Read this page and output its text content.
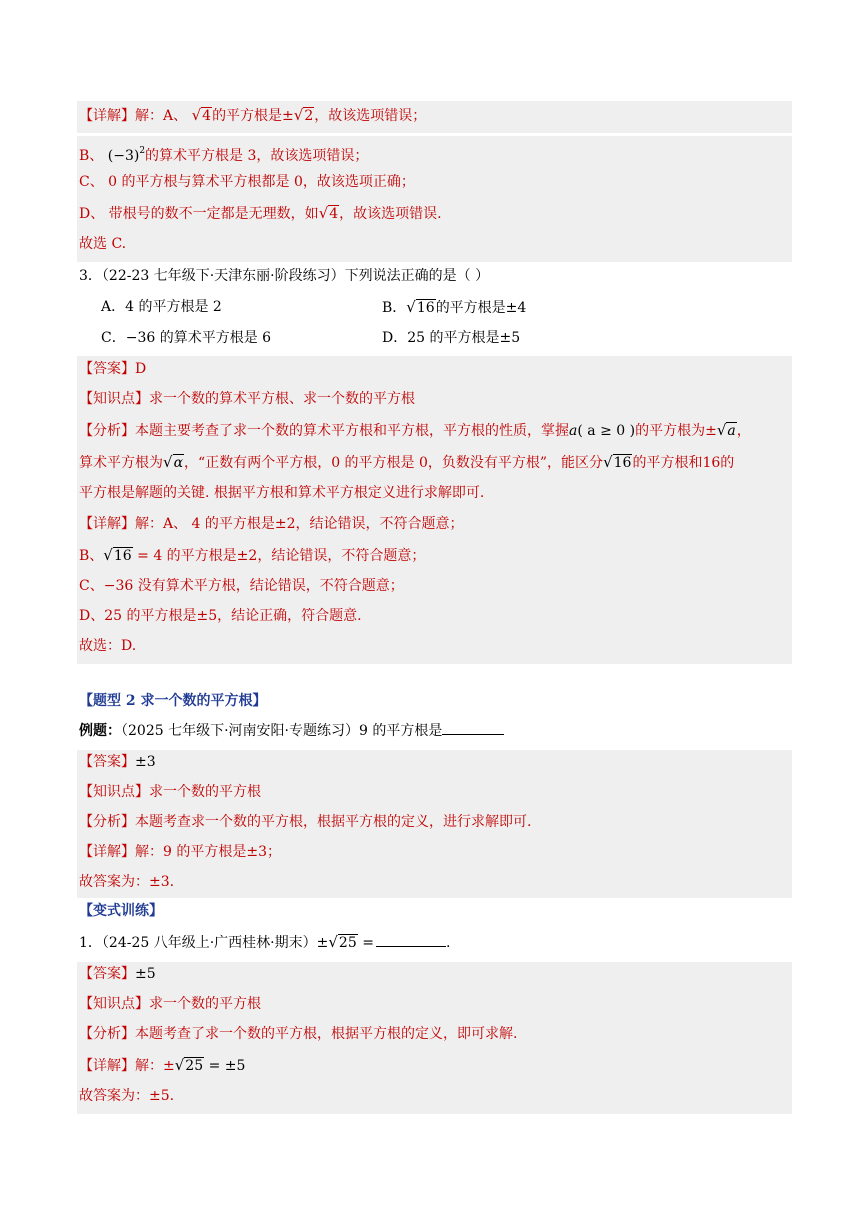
【详解】解：A、 √4的平方根是±√2，故该选项错误；
B、 $(-3)^2$的算术平方根是 3，故该选项错误；
C、 0 的平方根与算术平方根都是 0，故该选项正确；
D、 带根号的数不一定都是无理数，如√4，故该选项错误.
故选 C.
3．（22-23 七年级下·天津东丽·阶段练习）下列说法正确的是（ ）
A．4 的平方根是 2	B．√16的平方根是±4
C．−36 的算术平方根是 6	D．25 的平方根是±5
【答案】D
【知识点】求一个数的算术平方根、求一个数的平方根
【分析】本题主要考查了求一个数的算术平方根和平方根，平方根的性质，掌握a( a ≥ 0 )的平方根为±√a，
算术平方根为√α，“正数有两个平方根，0 的平方根是 0，负数没有平方根”，能区分√16的平方根和16的
平方根是解题的关键. 根据平方根和算术平方根定义进行求解即可.
【详解】解：A、 4 的平方根是±2，结论错误，不符合题意；
B、√16 = 4 的平方根是±2，结论错误，不符合题意；
C、−36 没有算术平方根，结论错误，不符合题意；
D、25 的平方根是±5，结论正确，符合题意.
故选：D.
【题型 2 求一个数的平方根】
例题：（2025 七年级下·河南安阳·专题练习）9 的平方根是
【答案】±3
【知识点】求一个数的平方根
【分析】本题考查求一个数的平方根，根据平方根的定义，进行求解即可.
【详解】解：9 的平方根是±3；
故答案为：±3.
【变式训练】
1．（24-25 八年级上·广西桂林·期末）±√25 =	.
【答案】±5
【知识点】求一个数的平方根
【分析】本题考查了求一个数的平方根，根据平方根的定义，即可求解.
【详解】解：±√25 = ±5
故答案为：±5.
